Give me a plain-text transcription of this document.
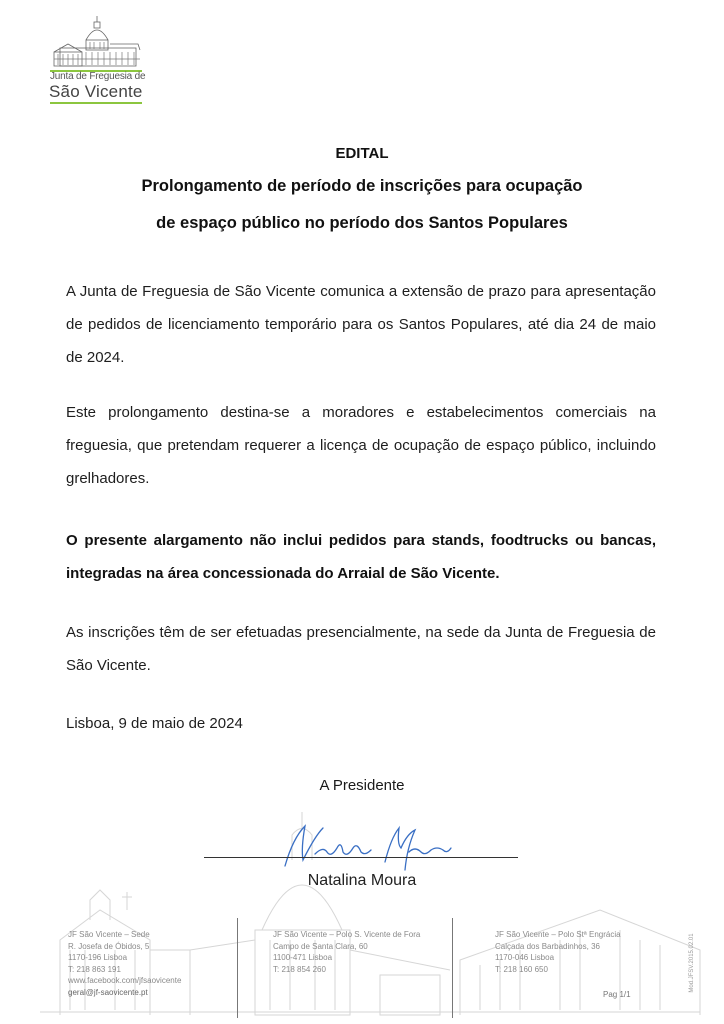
Junta de Freguesia de
São Vicente
EDITAL
Prolongamento de período de inscrições para ocupação
de espaço público no período dos Santos Populares
A Junta de Freguesia de São Vicente comunica a extensão de prazo para apresentação de pedidos de licenciamento temporário para os Santos Populares, até dia 24 de maio de 2024.
Este prolongamento destina-se a moradores e estabelecimentos comerciais na freguesia, que pretendam requerer a licença de ocupação de espaço público, incluindo grelhadores.
O presente alargamento não inclui pedidos para stands, foodtrucks ou bancas, integradas na área concessionada do Arraial de São Vicente.
As inscrições têm de ser efetuadas presencialmente, na sede da Junta de Freguesia de São Vicente.
Lisboa, 9 de maio de 2024
A Presidente
Natalina Moura
JF São Vicente – Sede
R. Josefa de Óbidos, 5
1170-196 Lisboa
T: 218 863 191
www.facebook.com/jfsaovicente
geral@jf-saovicente.pt
JF São Vicente – Polo S. Vicente de Fora
Campo de Santa Clara, 60
1100-471 Lisboa
T: 218 854 260
JF São Vicente – Polo Stª Engrácia
Calçada dos Barbadinhos, 36
1170-046 Lisboa
T: 218 160 650
Pag 1/1
Mod.JFSV.2015.02.01
